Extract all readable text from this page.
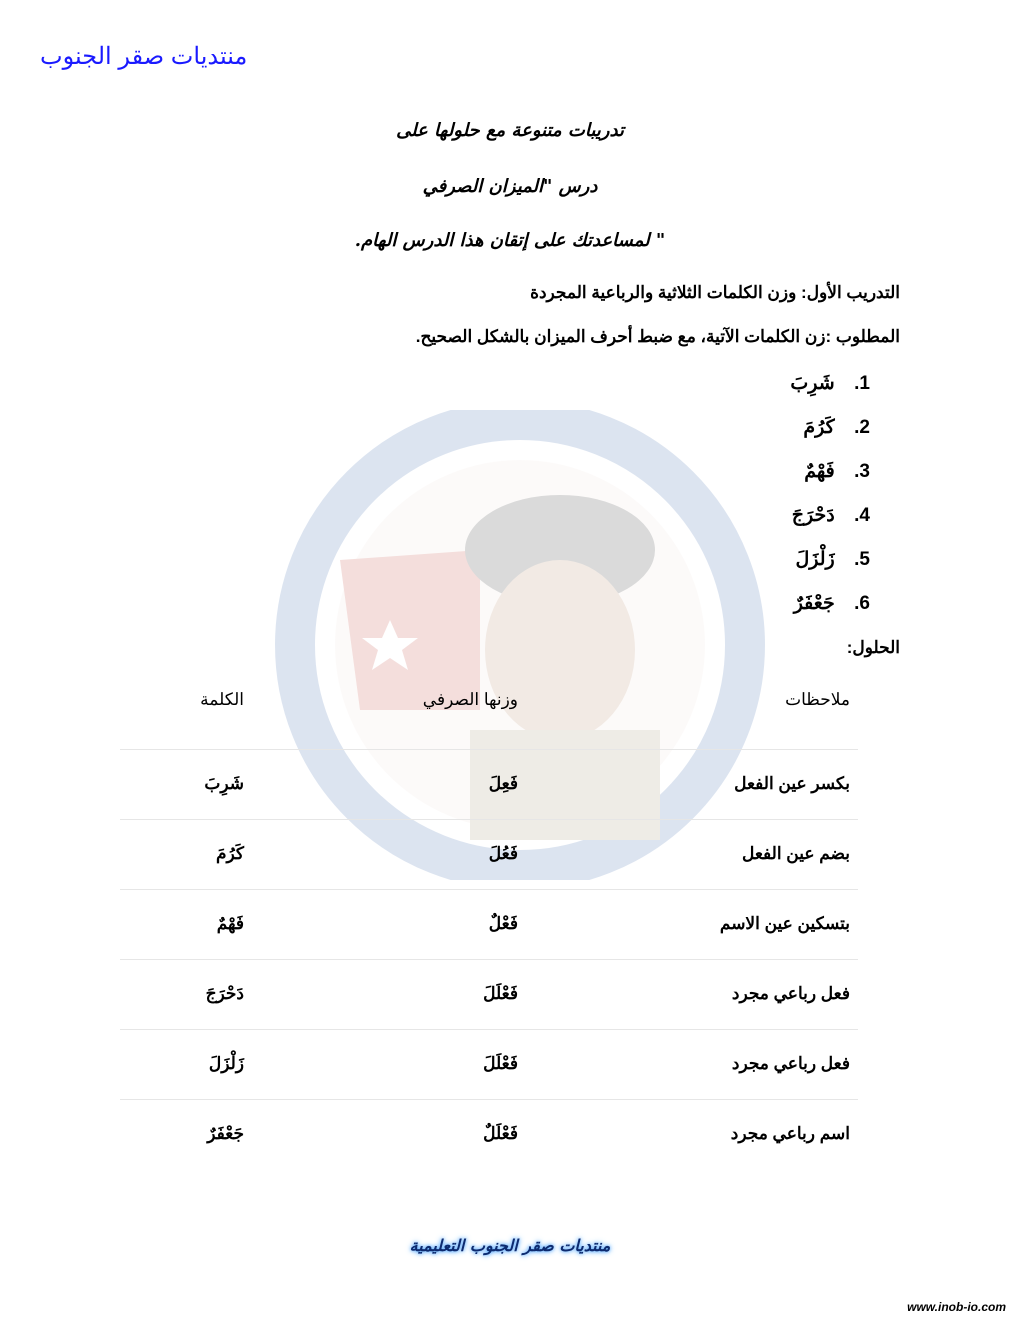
منتديات صقر الجنوب
تدريبات متنوعة مع حلولها على
درس "الميزان الصرفي
" لمساعدتك على إتقان هذا الدرس الهام.
التدريب الأول: وزن الكلمات الثلاثية والرباعية المجردة
المطلوب :زن الكلمات الآتية، مع ضبط أحرف الميزان بالشكل الصحيح.
1. شَرِبَ
2. كَرُمَ
3. فَهْمٌ
4. دَحْرَجَ
5. زَلْزَلَ
6. جَعْفَرٌ
الحلول:
ملاحظات
وزنها الصرفي
الكلمة
بكسر عين الفعل
فَعِلَ
شَرِبَ
بضم عين الفعل
فَعُلَ
كَرُمَ
بتسكين عين الاسم
فَعْلٌ
فَهْمٌ
فعل رباعي مجرد
فَعْلَلَ
دَحْرَجَ
فعل رباعي مجرد
فَعْلَلَ
زَلْزَلَ
اسم رباعي مجرد
فَعْلَلٌ
جَعْفَرٌ
منتديات صقر الجنوب التعليمية
www.inob-io.com
